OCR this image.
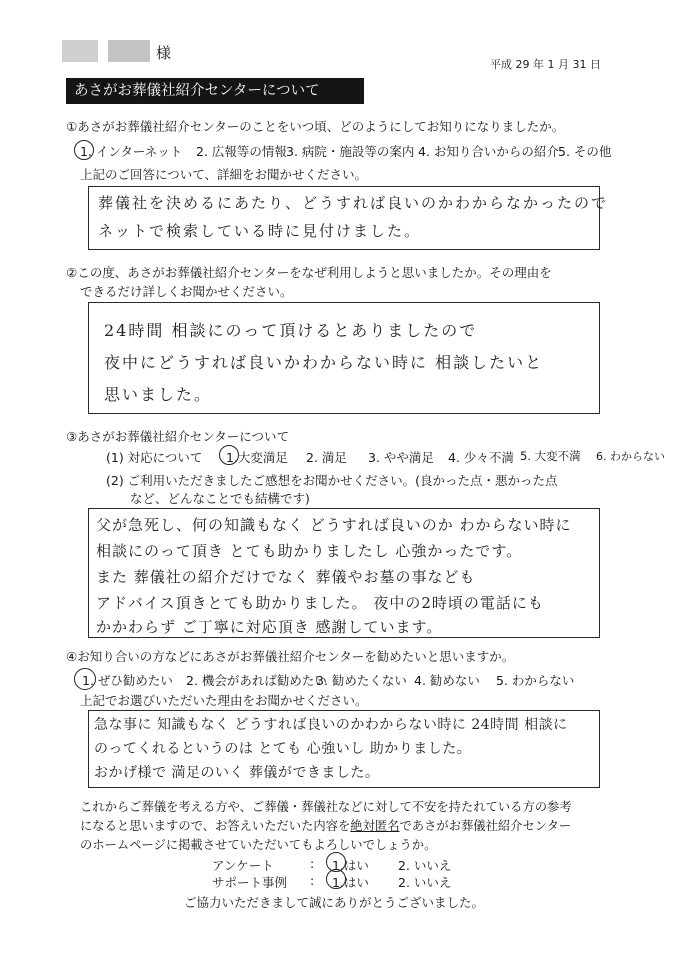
様
平成 29 年 1 月 31 日
あさがお葬儀社紹介センターについて
①あさがお葬儀社紹介センターのことをいつ頃、どのようにしてお知りになりましたか。
1. インターネット 2. 広報等の情報 3. 病院・施設等の案内 4. お知り合いからの紹介 5. その他
上記のご回答について、詳細をお聞かせください。
葬儀社を決めるにあたり、どうすれば良いのかわからなかったので
ネットで検索している時に見付けました。
②この度、あさがお葬儀社紹介センターをなぜ利用しようと思いましたか。その理由を
できるだけ詳しくお聞かせください。
24時間 相談にのって頂けるとありましたので
夜中にどうすれば良いかわからない時に 相談したいと
思いました。
③あさがお葬儀社紹介センターについて
(1) 対応について 1.大変満足 2. 満足 3. やや満足 4. 少々不満 5. 大変不満 6. わからない
(2) ご利用いただきましたご感想をお聞かせください。(良かった点・悪かった点
など、どんなことでも結構です)
父が急死し、何の知識もなく どうすれば良いのか わからない時に
相談にのって頂き とても助かりましたし 心強かったです。
また 葬儀社の紹介だけでなく 葬儀やお墓の事なども
アドバイス頂きとても助かりました。 夜中の2時頃の電話にも
かかわらず ご丁寧に対応頂き 感謝しています。
④お知り合いの方などにあさがお葬儀社紹介センターを勧めたいと思いますか。
1. ぜひ勧めたい 2. 機会があれば勧めたい
3. 勧めたくない 4. 勧めない 5. わからない
上記でお選びいただいた理由をお聞かせください。
急な事に 知識もなく どうすれば良いのかわからない時に 24時間 相談に
のってくれるというのは とても 心強いし 助かりました。
おかげ様で 満足のいく 葬儀ができました。
これからご葬儀を考える方や、ご葬儀・葬儀社などに対して不安を持たれている方の参考
になると思いますので、お答えいただいた内容を絶対匿名であさがお葬儀社紹介センター
のホームページに掲載させていただいてもよろしいでしょうか。
アンケート	: 1.はい 2. いいえ
サポート事例 : 1.はい 2. いいえ
ご協力いただきまして誠にありがとうございました。
